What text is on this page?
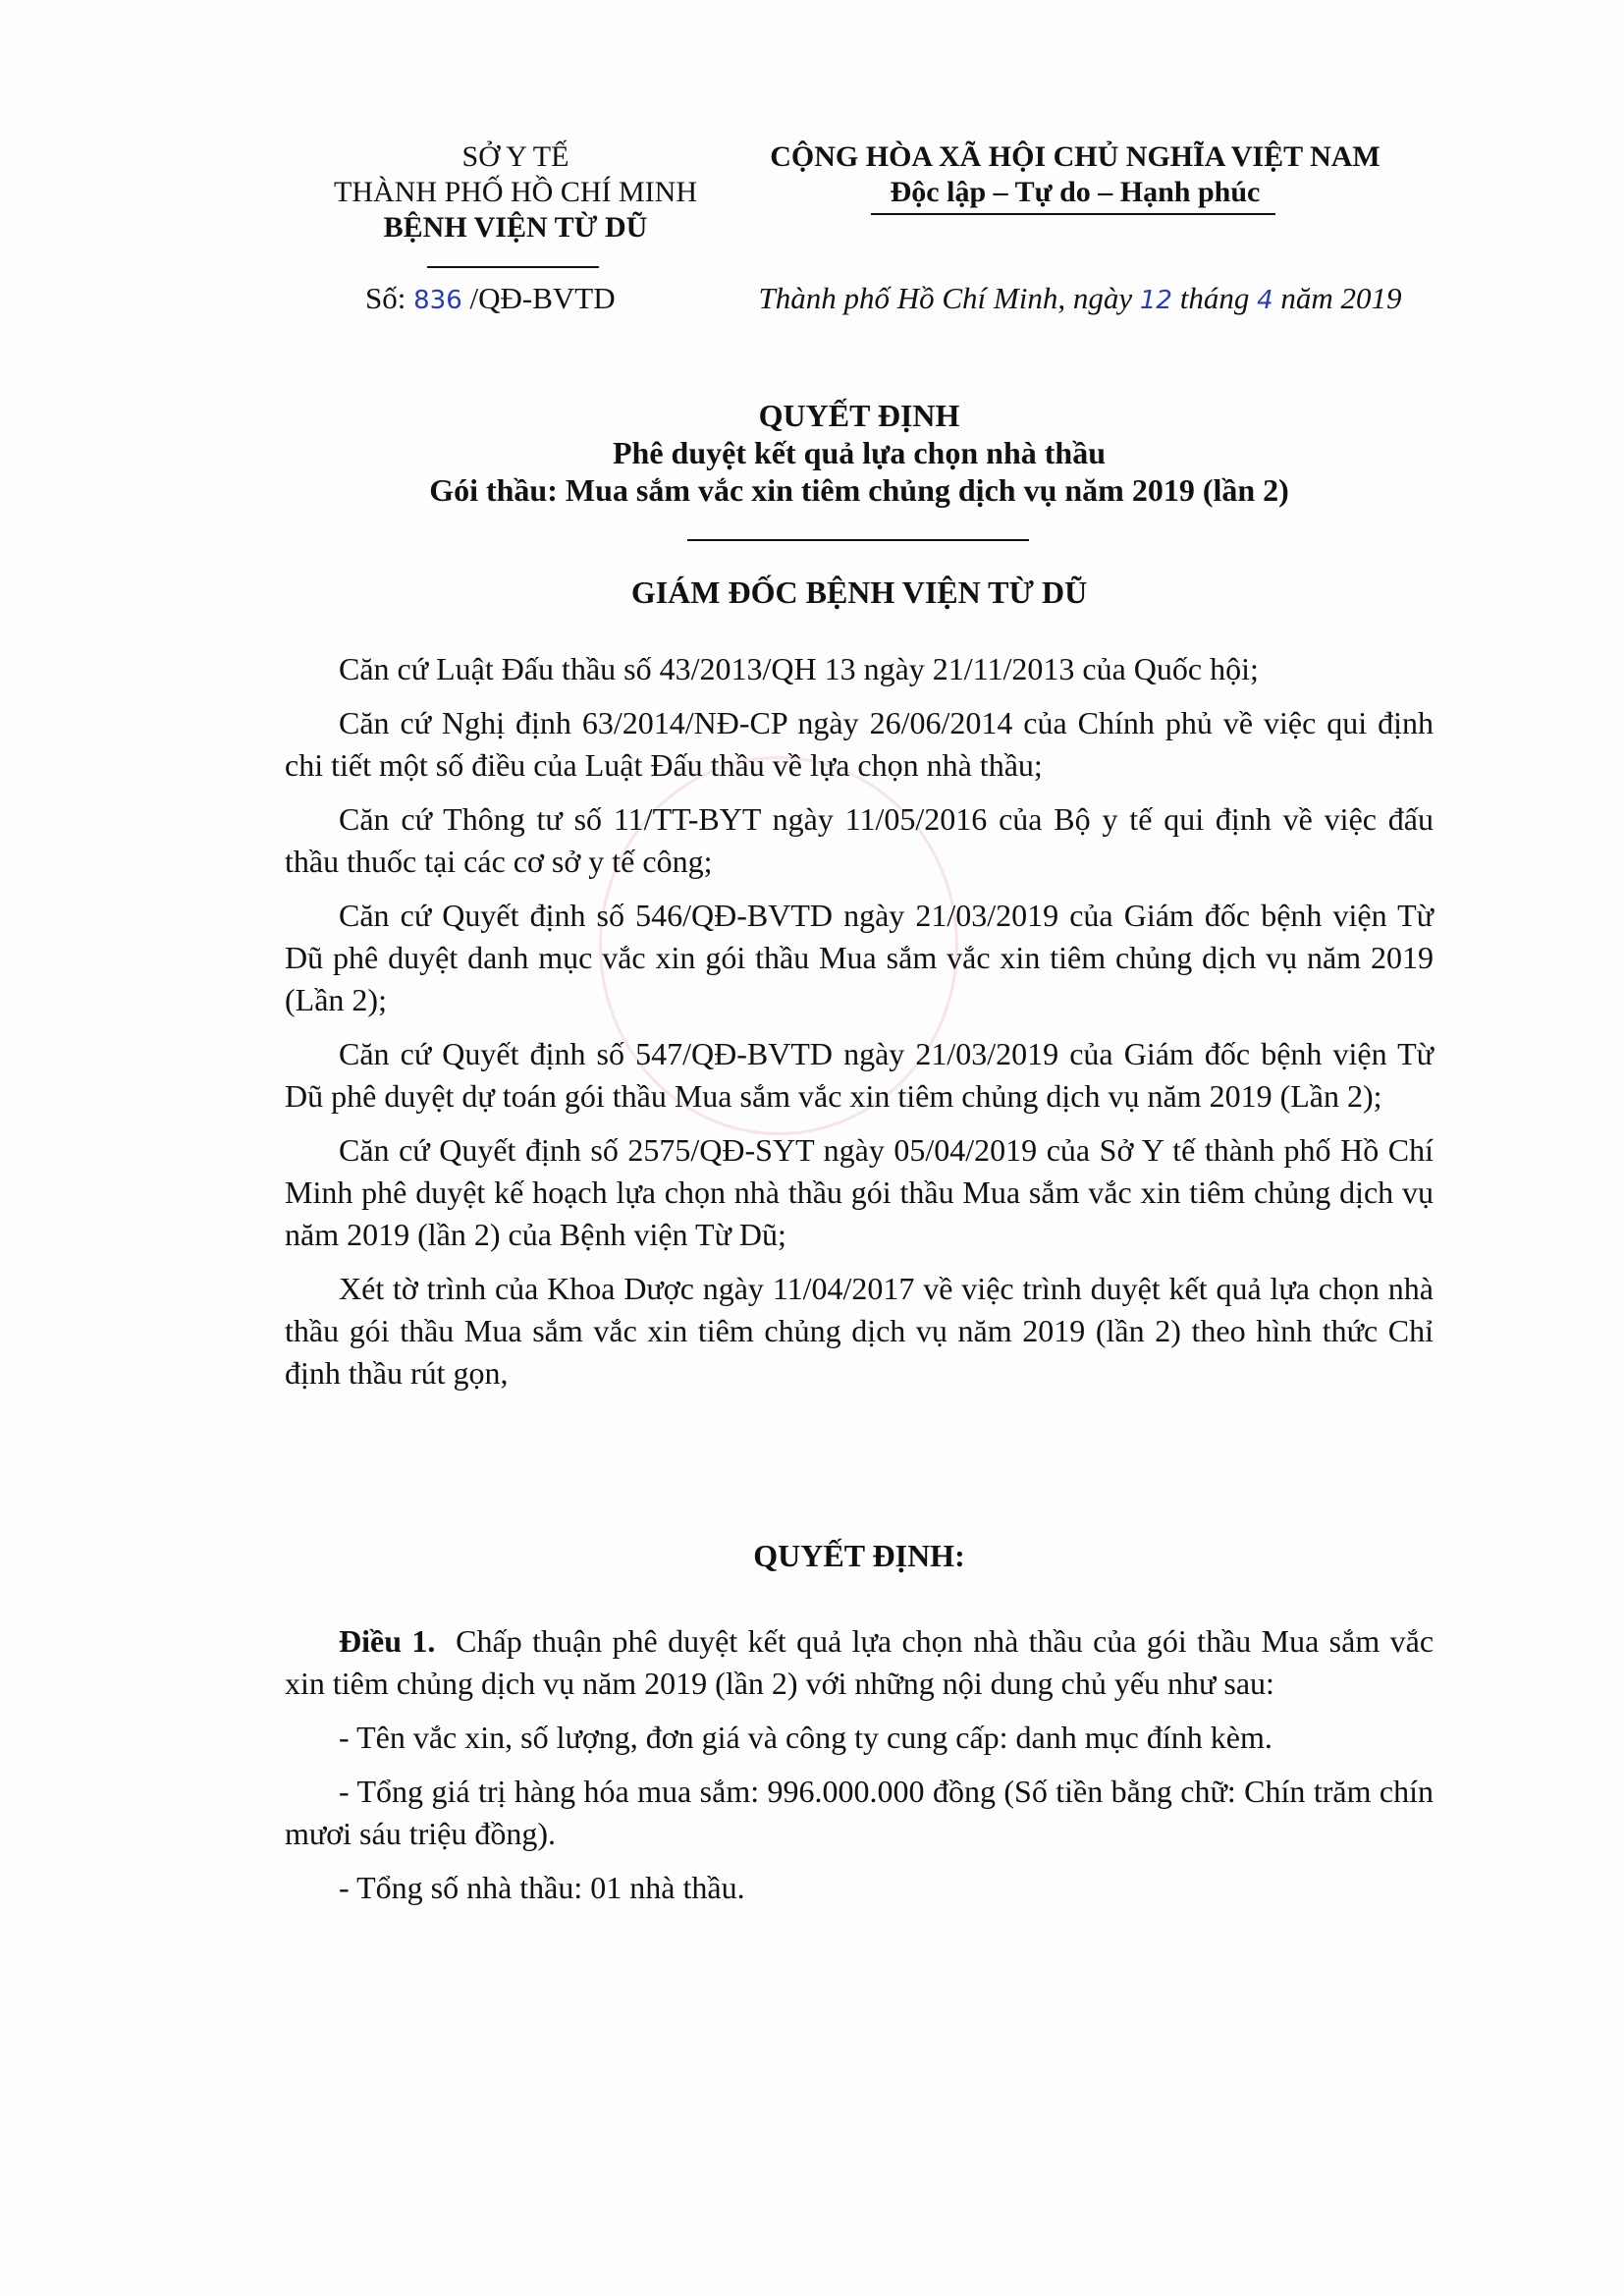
SỞ Y TẾ
THÀNH PHỐ HỒ CHÍ MINH
BỆNH VIỆN TỪ DŨ
CỘNG HÒA XÃ HỘI CHỦ NGHĨA VIỆT NAM
Độc lập – Tự do – Hạnh phúc
Số: 836 /QĐ-BVTD	Thành phố Hồ Chí Minh, ngày 12 tháng 4 năm 2019
QUYẾT ĐỊNH
Phê duyệt kết quả lựa chọn nhà thầu
Gói thầu: Mua sắm vắc xin tiêm chủng dịch vụ năm 2019 (lần 2)
GIÁM ĐỐC BỆNH VIỆN TỪ DŨ

Căn cứ Luật Đấu thầu số 43/2013/QH 13 ngày 21/11/2013 của Quốc hội;

Căn cứ Nghị định 63/2014/NĐ-CP ngày 26/06/2014 của Chính phủ về việc qui định chi tiết một số điều của Luật Đấu thầu về lựa chọn nhà thầu;

Căn cứ Thông tư số 11/TT-BYT ngày 11/05/2016 của Bộ y tế qui định về việc đấu thầu thuốc tại các cơ sở y tế công;

Căn cứ Quyết định số 546/QĐ-BVTD ngày 21/03/2019 của Giám đốc bệnh viện Từ Dũ phê duyệt danh mục vắc xin gói thầu Mua sắm vắc xin tiêm chủng dịch vụ năm 2019 (Lần 2);

Căn cứ Quyết định số 547/QĐ-BVTD ngày 21/03/2019 của Giám đốc bệnh viện Từ Dũ phê duyệt dự toán gói thầu Mua sắm vắc xin tiêm chủng dịch vụ năm 2019 (Lần 2);

Căn cứ Quyết định số 2575/QĐ-SYT ngày 05/04/2019 của Sở Y tế thành phố Hồ Chí Minh phê duyệt kế hoạch lựa chọn nhà thầu gói thầu Mua sắm vắc xin tiêm chủng dịch vụ năm 2019 (lần 2) của Bệnh viện Từ Dũ;

Xét tờ trình của Khoa Dược ngày 11/04/2017 về việc trình duyệt kết quả lựa chọn nhà thầu gói thầu Mua sắm vắc xin tiêm chủng dịch vụ năm 2019 (lần 2) theo hình thức Chỉ định thầu rút gọn,

QUYẾT ĐỊNH:

Điều 1. Chấp thuận phê duyệt kết quả lựa chọn nhà thầu của gói thầu Mua sắm vắc xin tiêm chủng dịch vụ năm 2019 (lần 2) với những nội dung chủ yếu như sau:

- Tên vắc xin, số lượng, đơn giá và công ty cung cấp: danh mục đính kèm.

- Tổng giá trị hàng hóa mua sắm: 996.000.000 đồng (Số tiền bằng chữ: Chín trăm chín mươi sáu triệu đồng).

- Tổng số nhà thầu: 01 nhà thầu.
